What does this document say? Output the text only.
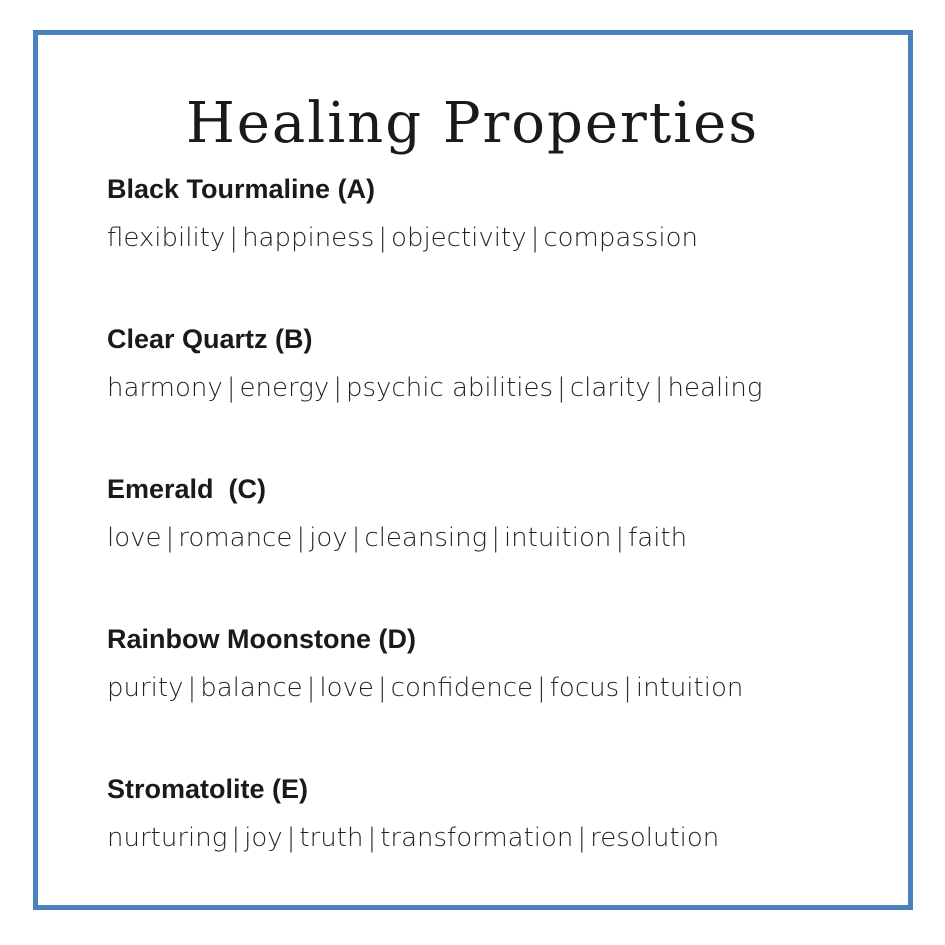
Healing Properties
Black Tourmaline (A)
flexibility | happiness | objectivity | compassion
Clear Quartz (B)
harmony | energy | psychic abilities | clarity | healing
Emerald  (C)
love | romance | joy | cleansing | intuition | faith
Rainbow Moonstone (D)
purity | balance | love | confidence | focus | intuition
Stromatolite (E)
nurturing | joy | truth | transformation | resolution
